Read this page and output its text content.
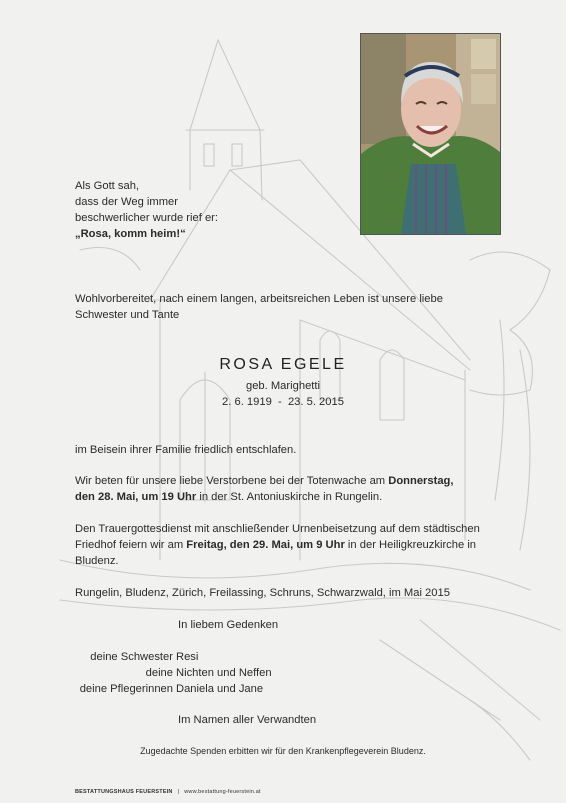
Als Gott sah,
dass der Weg immer
beschwerlicher wurde rief er:
„Rosa, komm heim!“
Wohlvorbereitet, nach einem langen, arbeitsreichen Leben ist unsere liebe
Schwester und Tante
ROSA EGELE
geb. Marighetti
2. 6. 1919  -  23. 5. 2015
im Beisein ihrer Familie friedlich entschlafen.
Wir beten für unsere liebe Verstorbene bei der Totenwache am Donnerstag,
den 28. Mai, um 19 Uhr in der St. Antoniuskirche in Rungelin.
Den Trauergottesdienst mit anschließender Urnenbeisetzung auf dem städtischen
Friedhof feiern wir am Freitag, den 29. Mai, um 9 Uhr in der Heiligkreuzkirche in
Bludenz.
Rungelin, Bludenz, Zürich, Freilassing, Schruns, Schwarzwald, im Mai 2015
In liebem Gedenken
deine Schwester Resi
deine Nichten und Neffen
deine Pflegerinnen Daniela und Jane
Im Namen aller Verwandten
Zugedachte Spenden erbitten wir für den Krankenpflegeverein Bludenz.
BESTATTUNGSHAUS FEUERSTEIN | www.bestattung-feuerstein.at
